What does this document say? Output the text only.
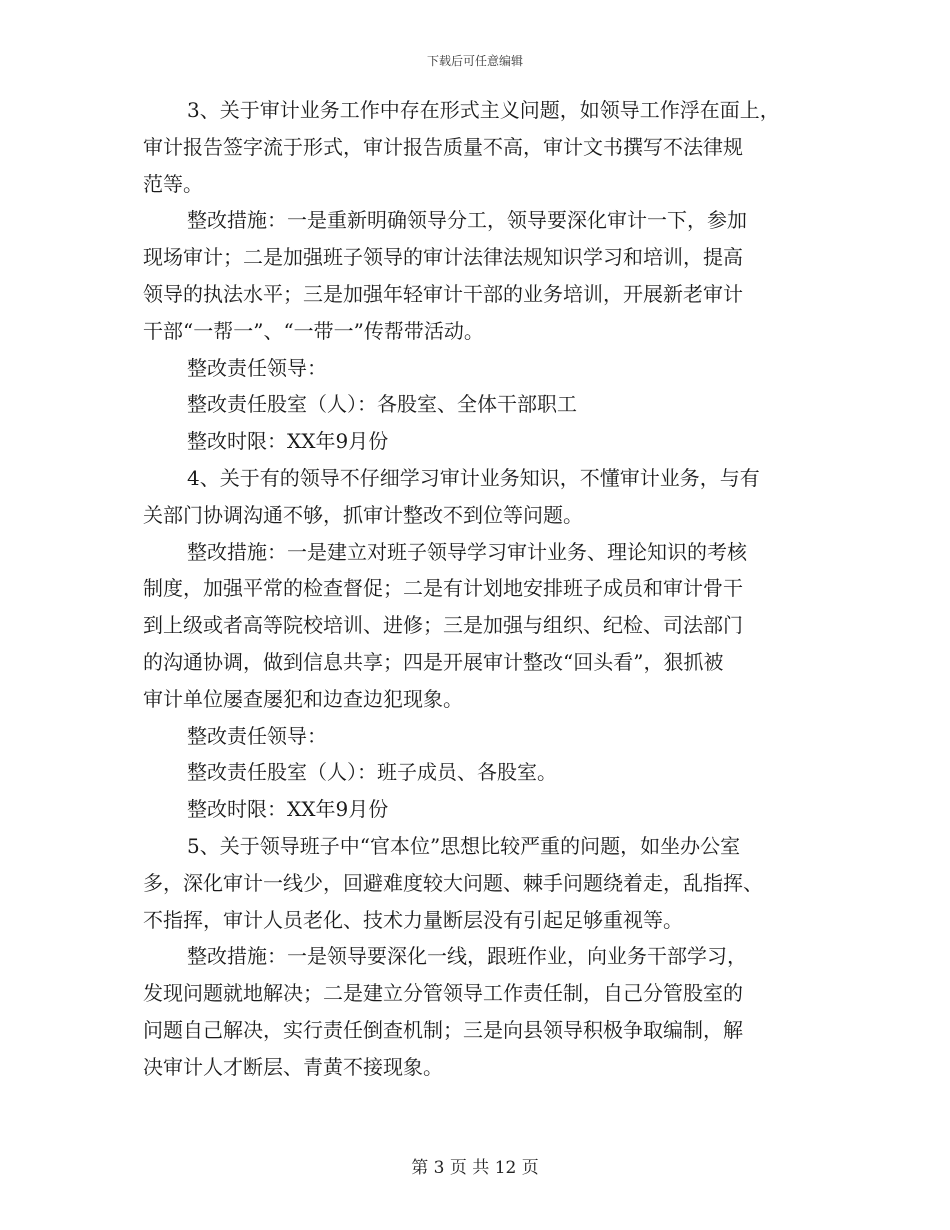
下载后可任意编辑
3、关于审计业务工作中存在形式主义问题，如领导工作浮在面上，
审计报告签字流于形式，审计报告质量不高，审计文书撰写不法律规
范等。
整改措施：一是重新明确领导分工，领导要深化审计一下，参加
现场审计；二是加强班子领导的审计法律法规知识学习和培训，提高
领导的执法水平；三是加强年轻审计干部的业务培训，开展新老审计
干部“一帮一”、“一带一”传帮带活动。
整改责任领导：
整改责任股室（人）：各股室、全体干部职工
整改时限：XX年9月份
4、关于有的领导不仔细学习审计业务知识，不懂审计业务，与有
关部门协调沟通不够，抓审计整改不到位等问题。
整改措施：一是建立对班子领导学习审计业务、理论知识的考核
制度，加强平常的检查督促；二是有计划地安排班子成员和审计骨干
到上级或者高等院校培训、进修；三是加强与组织、纪检、司法部门
的沟通协调，做到信息共享；四是开展审计整改“回头看”，狠抓被
审计单位屡查屡犯和边查边犯现象。
整改责任领导：
整改责任股室（人）：班子成员、各股室。
整改时限：XX年9月份
5、关于领导班子中“官本位”思想比较严重的问题，如坐办公室
多，深化审计一线少，回避难度较大问题、棘手问题绕着走，乱指挥、
不指挥，审计人员老化、技术力量断层没有引起足够重视等。
整改措施：一是领导要深化一线，跟班作业，向业务干部学习，
发现问题就地解决；二是建立分管领导工作责任制，自己分管股室的
问题自己解决，实行责任倒查机制；三是向县领导积极争取编制，解
决审计人才断层、青黄不接现象。
第 3 页 共 12 页
